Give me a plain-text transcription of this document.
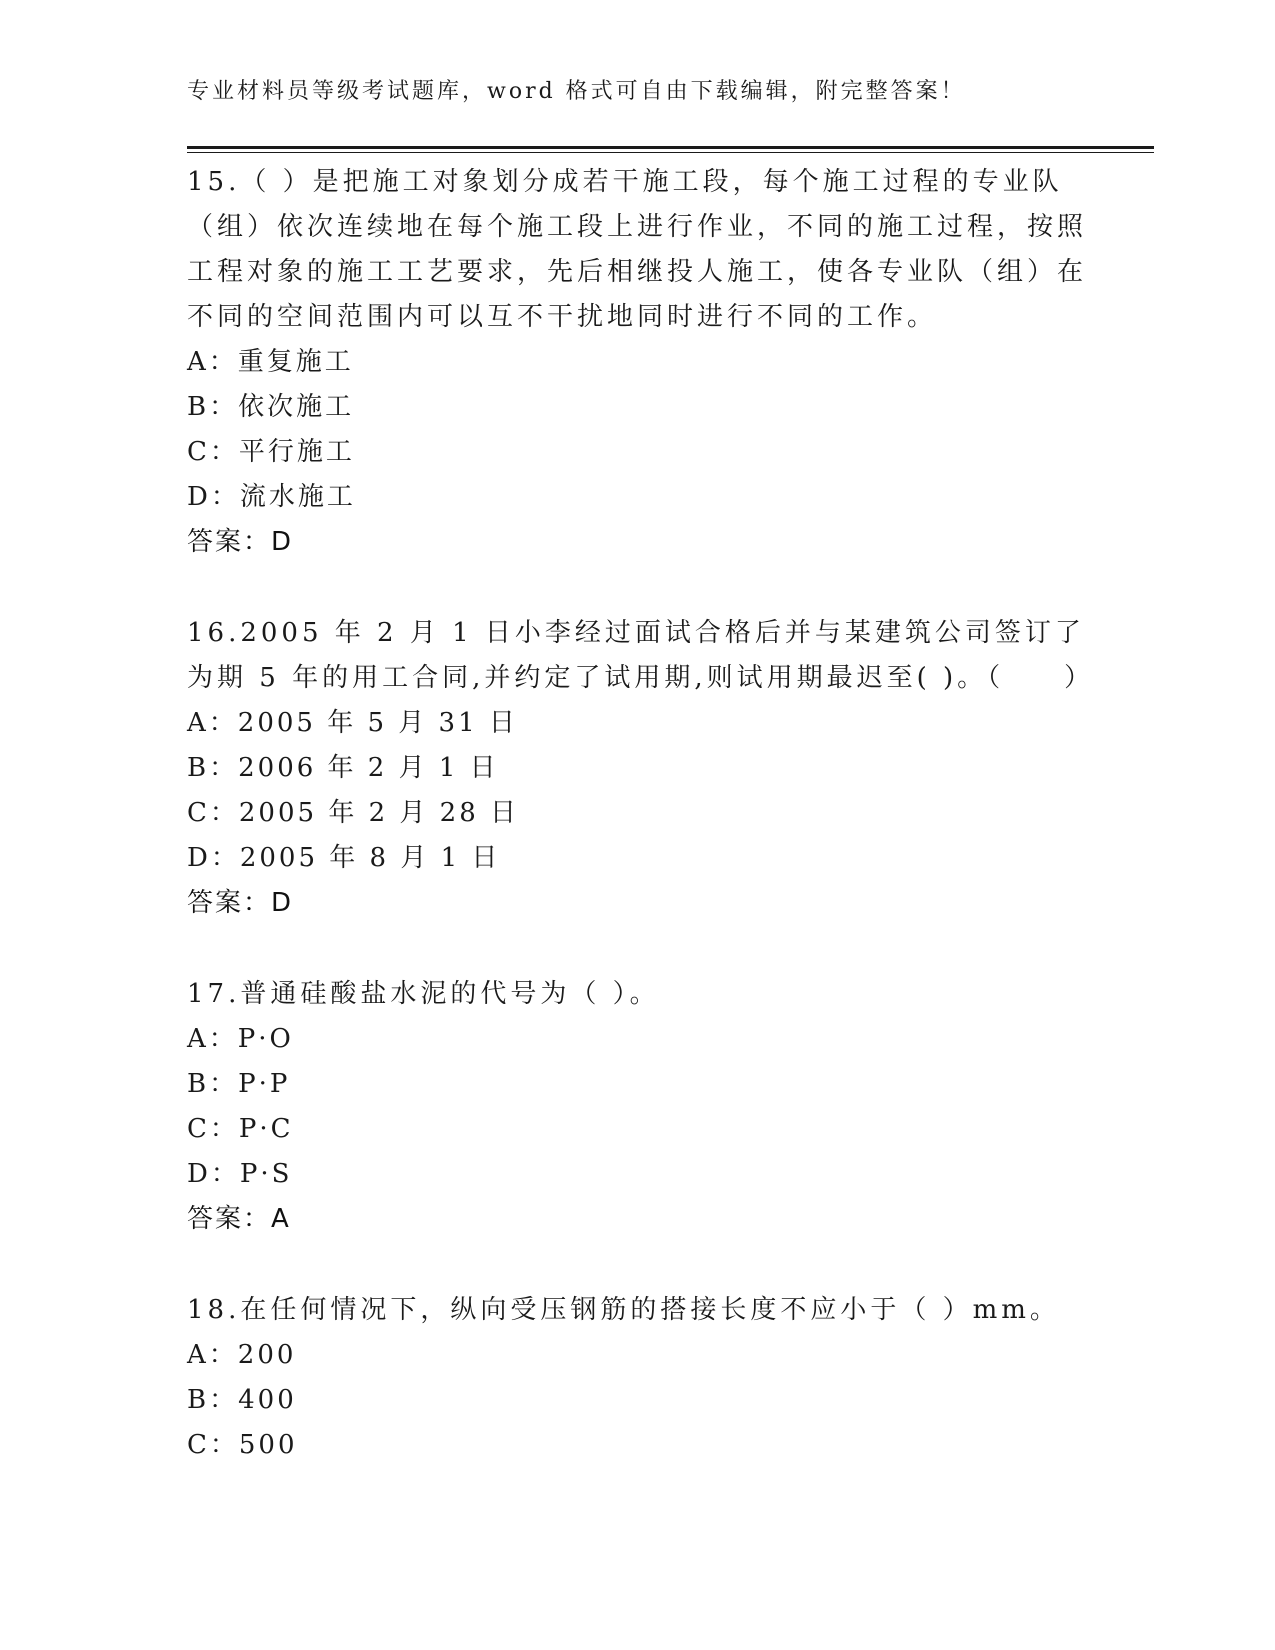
专业材料员等级考试题库，word 格式可自由下载编辑，附完整答案！

15.（ ）是把施工对象划分成若干施工段，每个施工过程的专业队（组）依次连续地在每个施工段上进行作业，不同的施工过程，按照工程对象的施工工艺要求，先后相继投人施工，使各专业队（组）在不同的空间范围内可以互不干扰地同时进行不同的工作。

A：重复施工
B：依次施工
C：平行施工
D：流水施工

答案：D

16.2005 年 2 月 1 日小李经过面试合格后并与某建筑公司签订了为期 5 年的用工合同,并约定了试用期,则试用期最迟至( )。（　　）

A：2005 年 5 月 31 日
B：2006 年 2 月 1 日
C：2005 年 2 月 28 日
D：2005 年 8 月 1 日

答案：D

17.普通硅酸盐水泥的代号为（ ）。

A：P·O
B：P·P
C：P·C
D：P·S

答案：A

18.在任何情况下，纵向受压钢筋的搭接长度不应小于（ ）mm。

A：200
B：400
C：500
